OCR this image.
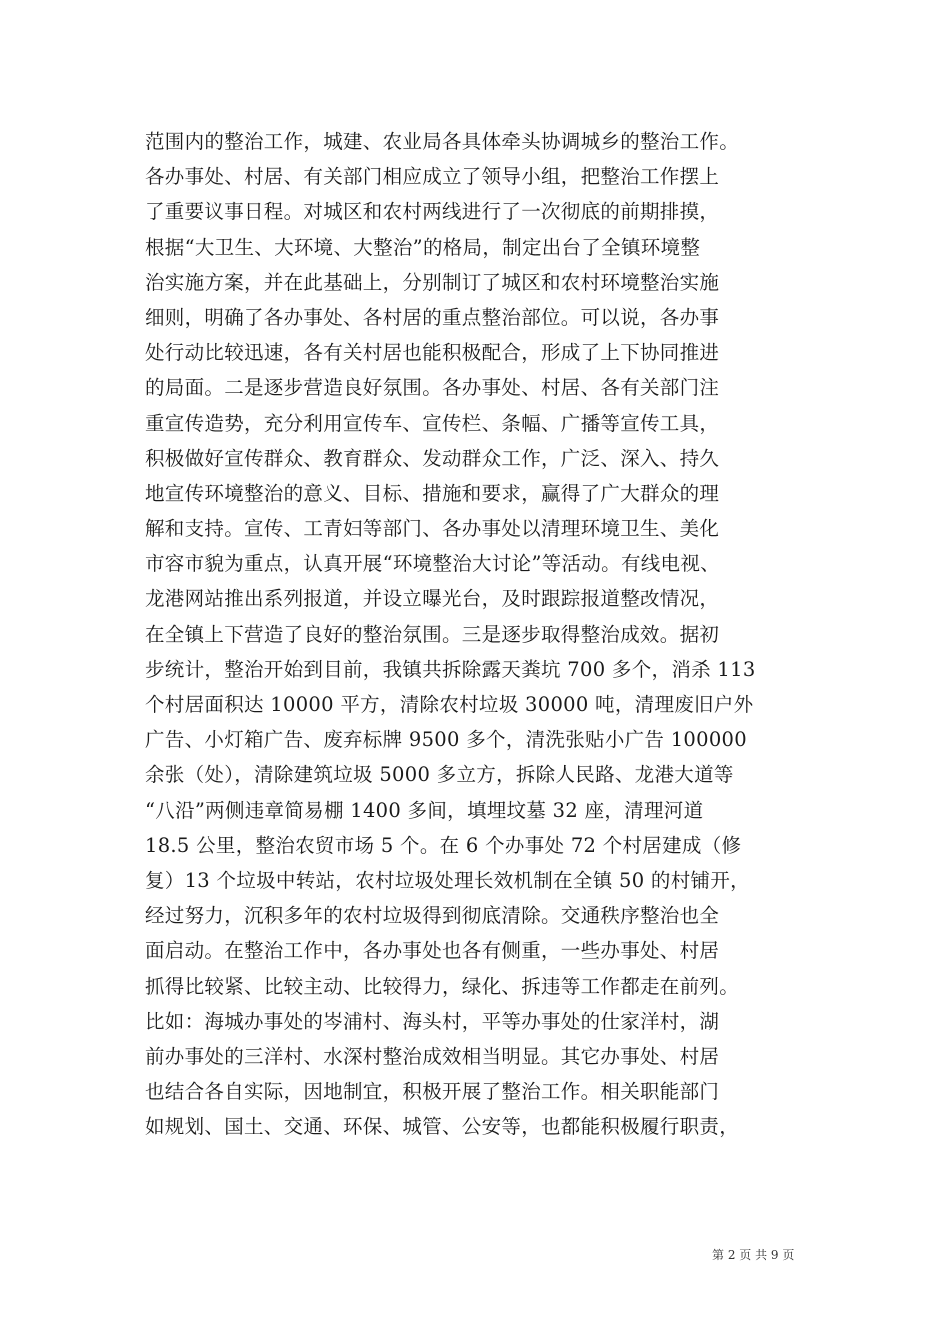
范围内的整治工作，城建、农业局各具体牵头协调城乡的整治工作。
各办事处、村居、有关部门相应成立了领导小组，把整治工作摆上
了重要议事日程。对城区和农村两线进行了一次彻底的前期排摸，
根据“大卫生、大环境、大整治”的格局，制定出台了全镇环境整
治实施方案，并在此基础上，分别制订了城区和农村环境整治实施
细则，明确了各办事处、各村居的重点整治部位。可以说，各办事
处行动比较迅速，各有关村居也能积极配合，形成了上下协同推进
的局面。二是逐步营造良好氛围。各办事处、村居、各有关部门注
重宣传造势，充分利用宣传车、宣传栏、条幅、广播等宣传工具，
积极做好宣传群众、教育群众、发动群众工作，广泛、深入、持久
地宣传环境整治的意义、目标、措施和要求，赢得了广大群众的理
解和支持。宣传、工青妇等部门、各办事处以清理环境卫生、美化
市容市貌为重点，认真开展“环境整治大讨论”等活动。有线电视、
龙港网站推出系列报道，并设立曝光台，及时跟踪报道整改情况，
在全镇上下营造了良好的整治氛围。三是逐步取得整治成效。据初
步统计，整治开始到目前，我镇共拆除露天粪坑 700 多个，消杀 113
个村居面积达 10000 平方，清除农村垃圾 30000 吨，清理废旧户外
广告、小灯箱广告、废弃标牌 9500 多个，清洗张贴小广告 100000
余张（处），清除建筑垃圾 5000 多立方，拆除人民路、龙港大道等
“八沿”两侧违章简易棚 1400 多间，填埋坟墓 32 座，清理河道
18.5 公里，整治农贸市场 5 个。在 6 个办事处 72 个村居建成（修
复）13 个垃圾中转站，农村垃圾处理长效机制在全镇 50 的村铺开，
经过努力，沉积多年的农村垃圾得到彻底清除。交通秩序整治也全
面启动。在整治工作中，各办事处也各有侧重，一些办事处、村居
抓得比较紧、比较主动、比较得力，绿化、拆违等工作都走在前列。
比如：海城办事处的岑浦村、海头村，平等办事处的仕家洋村，湖
前办事处的三洋村、水深村整治成效相当明显。其它办事处、村居
也结合各自实际，因地制宜，积极开展了整治工作。相关职能部门
如规划、国土、交通、环保、城管、公安等，也都能积极履行职责，
第 2 页 共 9 页
